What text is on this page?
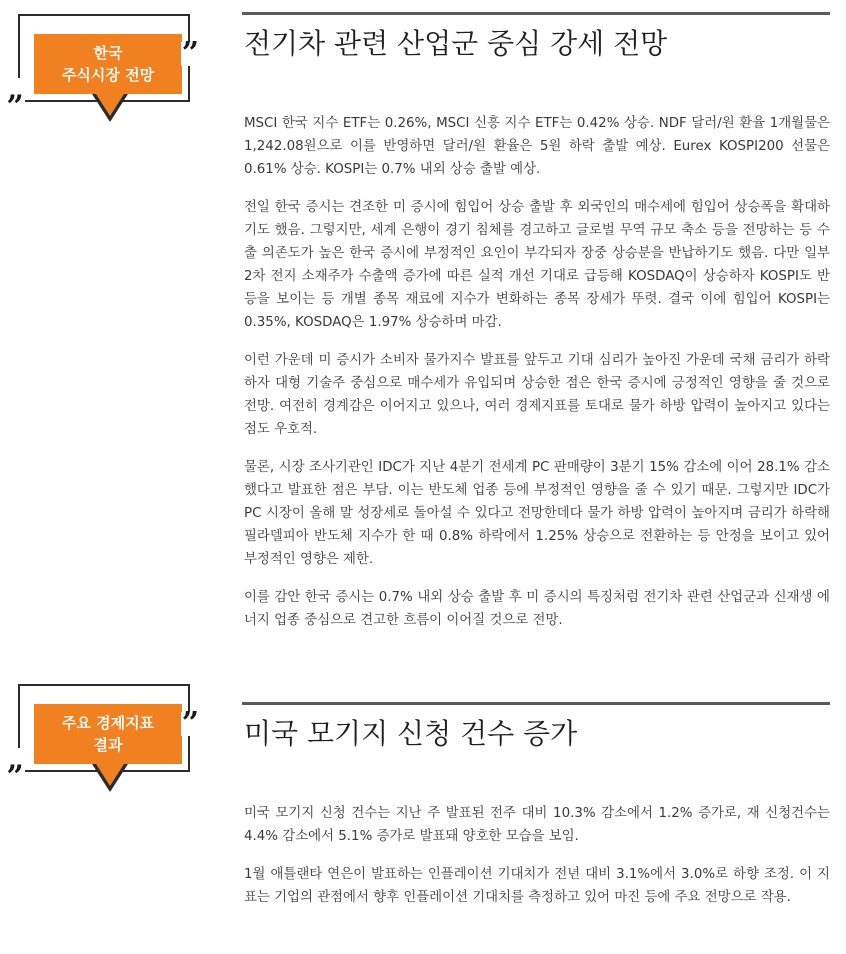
한국
주식시장 전망
”
„
전기차 관련 산업군 중심 강세 전망

MSCI 한국 지수 ETF는 0.26%, MSCI 신흥 지수 ETF는 0.42% 상승. NDF 달러/원 환율 1개월물은 1,242.08원으로 이를 반영하면 달러/원 환율은 5원 하락 출발 예상. Eurex KOSPI200 선물은 0.61% 상승. KOSPI는 0.7% 내외 상승 출발 예상.

전일 한국 증시는 견조한 미 증시에 힘입어 상승 출발 후 외국인의 매수세에 힘입어 상승폭을 확대하기도 했음. 그렇지만, 세계 은행이 경기 침체를 경고하고 글로벌 무역 규모 축소 등을 전망하는 등 수출 의존도가 높은 한국 증시에 부정적인 요인이 부각되자 장중 상승분을 반납하기도 했음. 다만 일부 2차 전지 소재주가 수출액 증가에 따른 실적 개선 기대로 급등해 KOSDAQ이 상승하자 KOSPI도 반등을 보이는 등 개별 종목 재료에 지수가 변화하는 종목 장세가 뚜렷. 결국 이에 힘입어 KOSPI는 0.35%, KOSDAQ은 1.97% 상승하며 마감.

이런 가운데 미 증시가 소비자 물가지수 발표를 앞두고 기대 심리가 높아진 가운데 국채 금리가 하락하자 대형 기술주 중심으로 매수세가 유입되며 상승한 점은 한국 증시에 긍정적인 영향을 줄 것으로 전망. 여전히 경계감은 이어지고 있으나, 여러 경제지표를 토대로 물가 하방 압력이 높아지고 있다는 점도 우호적.

물론, 시장 조사기관인 IDC가 지난 4분기 전세계 PC 판매량이 3분기 15% 감소에 이어 28.1% 감소했다고 발표한 점은 부담. 이는 반도체 업종 등에 부정적인 영향을 줄 수 있기 때문. 그렇지만 IDC가 PC 시장이 올해 말 성장세로 돌아설 수 있다고 전망한데다 물가 하방 압력이 높아지며 금리가 하락해 필라델피아 반도체 지수가 한 때 0.8% 하락에서 1.25% 상승으로 전환하는 등 안정을 보이고 있어 부정적인 영향은 제한.

이를 감안 한국 증시는 0.7% 내외 상승 출발 후 미 증시의 특징처럼 전기차 관련 산업군과 신재생 에너지 업종 중심으로 견고한 흐름이 이어질 것으로 전망.

주요 경제지표
결과
”
„
미국 모기지 신청 건수 증가

미국 모기지 신청 건수는 지난 주 발표된 전주 대비 10.3% 감소에서 1.2% 증가로, 재 신청건수는 4.4% 감소에서 5.1% 증가로 발표돼 양호한 모습을 보임.

1월 애틀랜타 연은이 발표하는 인플레이션 기대치가 전년 대비 3.1%에서 3.0%로 하향 조정. 이 지표는 기업의 관점에서 향후 인플레이션 기대치를 측정하고 있어 마진 등에 주요 전망으로 작용.
